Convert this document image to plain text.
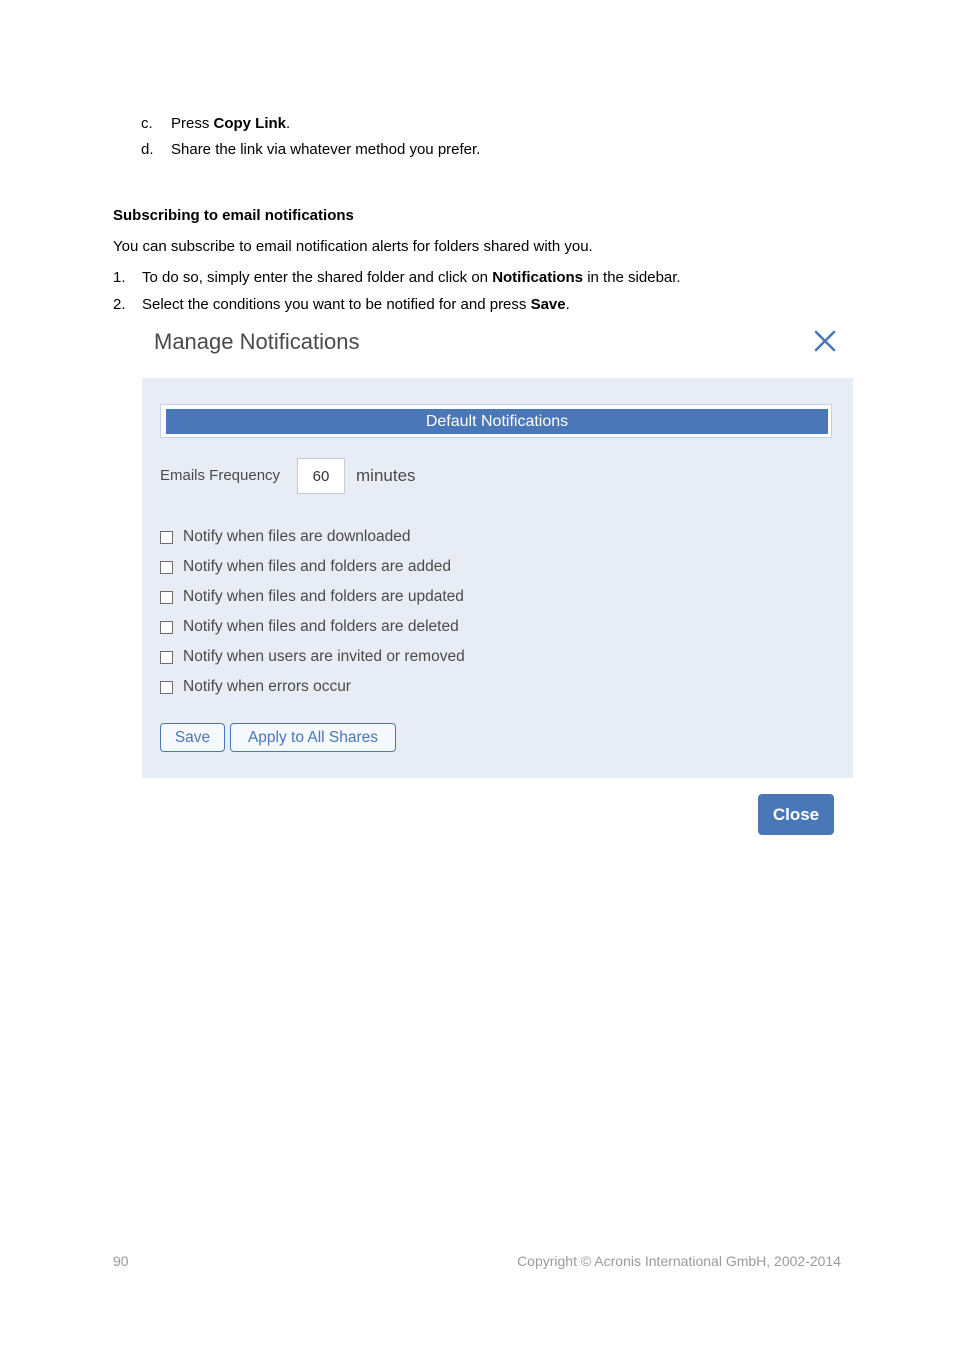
c. Press Copy Link.
d. Share the link via whatever method you prefer.
Subscribing to email notifications
You can subscribe to email notification alerts for folders shared with you.
1. To do so, simply enter the shared folder and click on Notifications in the sidebar.
2. Select the conditions you want to be notified for and press Save.
Manage Notifications
Default Notifications
Emails Frequency
60	minutes
Notify when files are downloaded
Notify when files and folders are added
Notify when files and folders are updated
Notify when files and folders are deleted
Notify when users are invited or removed
Notify when errors occur
Save	Apply to All Shares
Close
90	Copyright © Acronis International GmbH, 2002-2014
